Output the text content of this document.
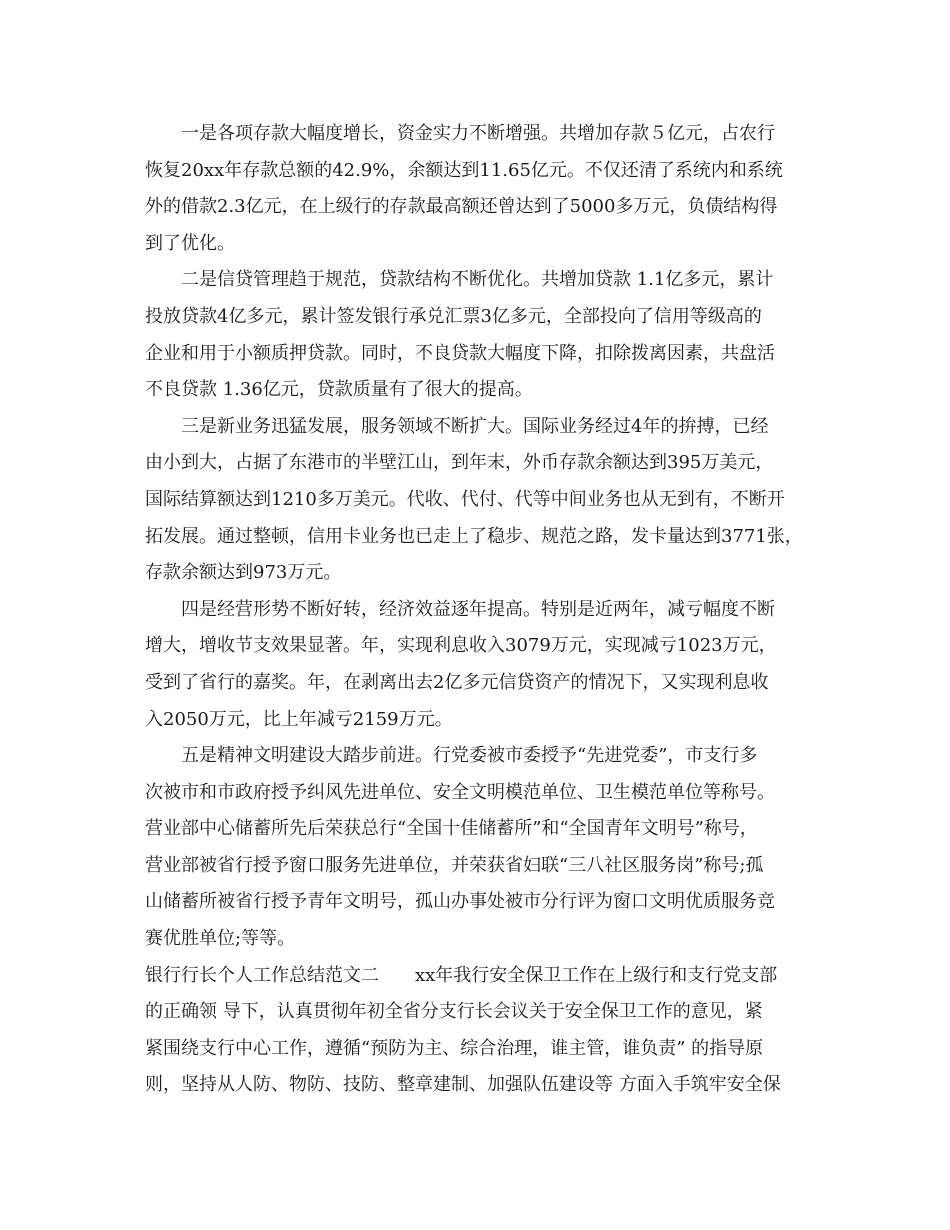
一是各项存款大幅度增长，资金实力不断增强。共增加存款５亿元，占农行
恢复20xx年存款总额的42.9%，余额达到11.65亿元。不仅还清了系统内和系统
外的借款2.3亿元，在上级行的存款最高额还曾达到了5000多万元，负债结构得
到了优化。
二是信贷管理趋于规范，贷款结构不断优化。共增加贷款 1.1亿多元，累计
投放贷款4亿多元，累计签发银行承兑汇票3亿多元，全部投向了信用等级高的
企业和用于小额质押贷款。同时，不良贷款大幅度下降，扣除拨离因素，共盘活
不良贷款 1.36亿元，贷款质量有了很大的提高。
三是新业务迅猛发展，服务领域不断扩大。国际业务经过4年的拚搏，已经
由小到大，占据了东港市的半壁江山，到年末，外币存款余额达到395万美元，
国际结算额达到1210多万美元。代收、代付、代等中间业务也从无到有，不断开
拓发展。通过整顿，信用卡业务也已走上了稳步、规范之路，发卡量达到3771张，
存款余额达到973万元。
四是经营形势不断好转，经济效益逐年提高。特别是近两年，减亏幅度不断
增大，增收节支效果显著。年，实现利息收入3079万元，实现减亏1023万元，
受到了省行的嘉奖。年，在剥离出去2亿多元信贷资产的情况下，又实现利息收
入2050万元，比上年减亏2159万元。
五是精神文明建设大踏步前进。行党委被市委授予“先进党委”，市支行多
次被市和市政府授予纠风先进单位、安全文明模范单位、卫生模范单位等称号。
营业部中心储蓄所先后荣获总行“全国十佳储蓄所”和“全国青年文明号”称号，
营业部被省行授予窗口服务先进单位，并荣获省妇联“三八社区服务岗”称号;孤
山储蓄所被省行授予青年文明号，孤山办事处被市分行评为窗口文明优质服务竞
赛优胜单位;等等。
银行行长个人工作总结范文二　　xx年我行安全保卫工作在上级行和支行党支部
的正确领 导下，认真贯彻年初全省分支行长会议关于安全保卫工作的意见，紧
紧围绕支行中心工作，遵循“预防为主、综合治理，谁主管，谁负责” 的指导原
则，坚持从人防、物防、技防、整章建制、加强队伍建设等 方面入手筑牢安全保
